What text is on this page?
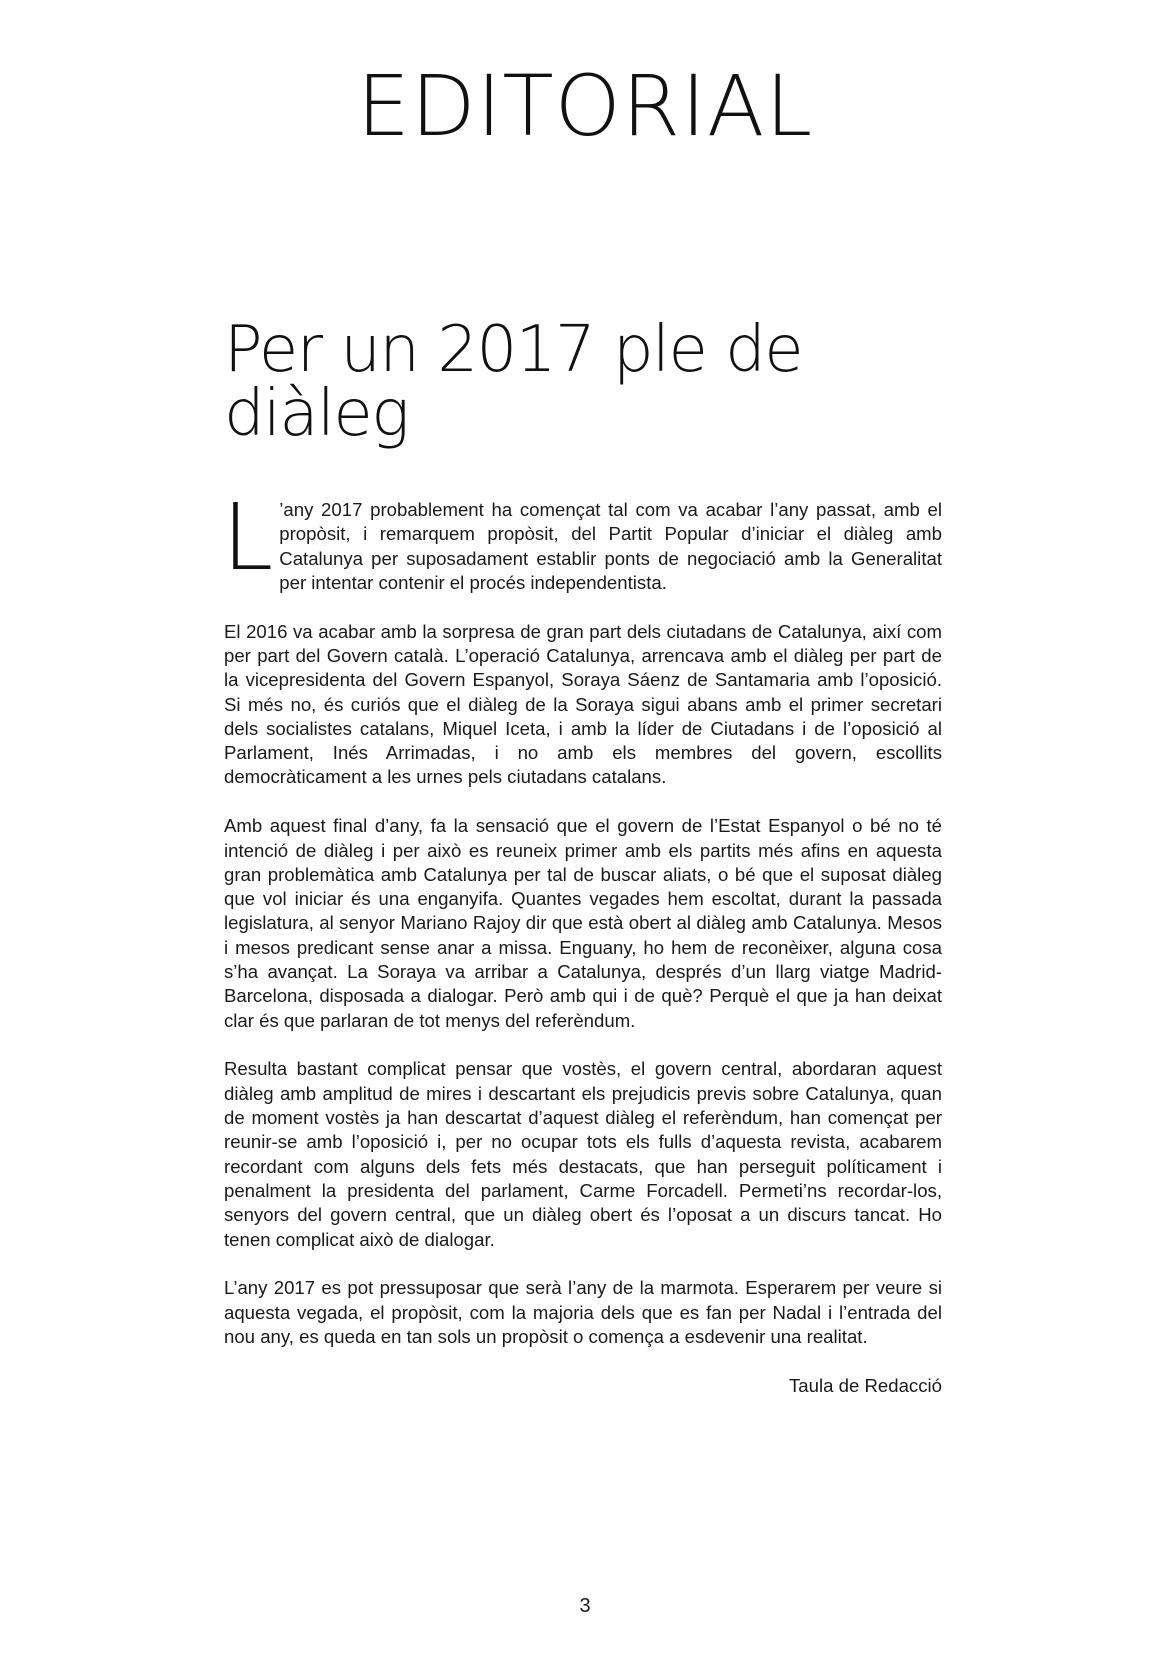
EDITORIAL
Per un 2017 ple de diàleg

L ’any 2017 probablement ha començat tal com va acabar l’any passat, amb el propòsit, i remarquem propòsit, del Partit Popular d’iniciar el diàleg amb Catalunya per suposadament establir ponts de negociació amb la Generalitat per intentar contenir el procés independentista.

El 2016 va acabar amb la sorpresa de gran part dels ciutadans de Catalunya, així com per part del Govern català. L’operació Catalunya, arrencava amb el diàleg per part de la vicepresidenta del Govern Espanyol, Soraya Sáenz de Santamaria amb l’oposició. Si més no, és curiós que el diàleg de la Soraya sigui abans amb el primer secretari dels socialistes catalans, Miquel Iceta, i amb la líder de Ciutadans i de l’oposició al Parlament, Inés Arrimadas, i no amb els membres del govern, escollits democràticament a les urnes pels ciutadans catalans.

Amb aquest final d’any, fa la sensació que el govern de l’Estat Espanyol o bé no té intenció de diàleg i per això es reuneix primer amb els partits més afins en aquesta gran problemàtica amb Catalunya per tal de buscar aliats, o bé que el suposat diàleg que vol iniciar és una enganyifa. Quantes vegades hem escoltat, durant la passada legislatura, al senyor Mariano Rajoy dir que està obert al diàleg amb Catalunya. Mesos i mesos predicant sense anar a missa. Enguany, ho hem de reconèixer, alguna cosa s’ha avançat. La Soraya va arribar a Catalunya, després d’un llarg viatge Madrid-Barcelona, disposada a dialogar. Però amb qui i de què? Perquè el que ja han deixat clar és que parlaran de tot menys del referèndum.

Resulta bastant complicat pensar que vostès, el govern central, abordaran aquest diàleg amb amplitud de mires i descartant els prejudicis previs sobre Catalunya, quan de moment vostès ja han descartat d’aquest diàleg el referèndum, han començat per reunir-se amb l’oposició i, per no ocupar tots els fulls d’aquesta revista, acabarem recordant com alguns dels fets més destacats, que han perseguit políticament i penalment la presidenta del parlament, Carme Forcadell. Permeti’ns recordar-los, senyors del govern central, que un diàleg obert és l’oposat a un discurs tancat. Ho tenen complicat això de dialogar.

L’any 2017 es pot pressuposar que serà l’any de la marmota. Esperarem per veure si aquesta vegada, el propòsit, com la majoria dels que es fan per Nadal i l’entrada del nou any, es queda en tan sols un propòsit o comença a esdevenir una realitat.

Taula de Redacció
3
